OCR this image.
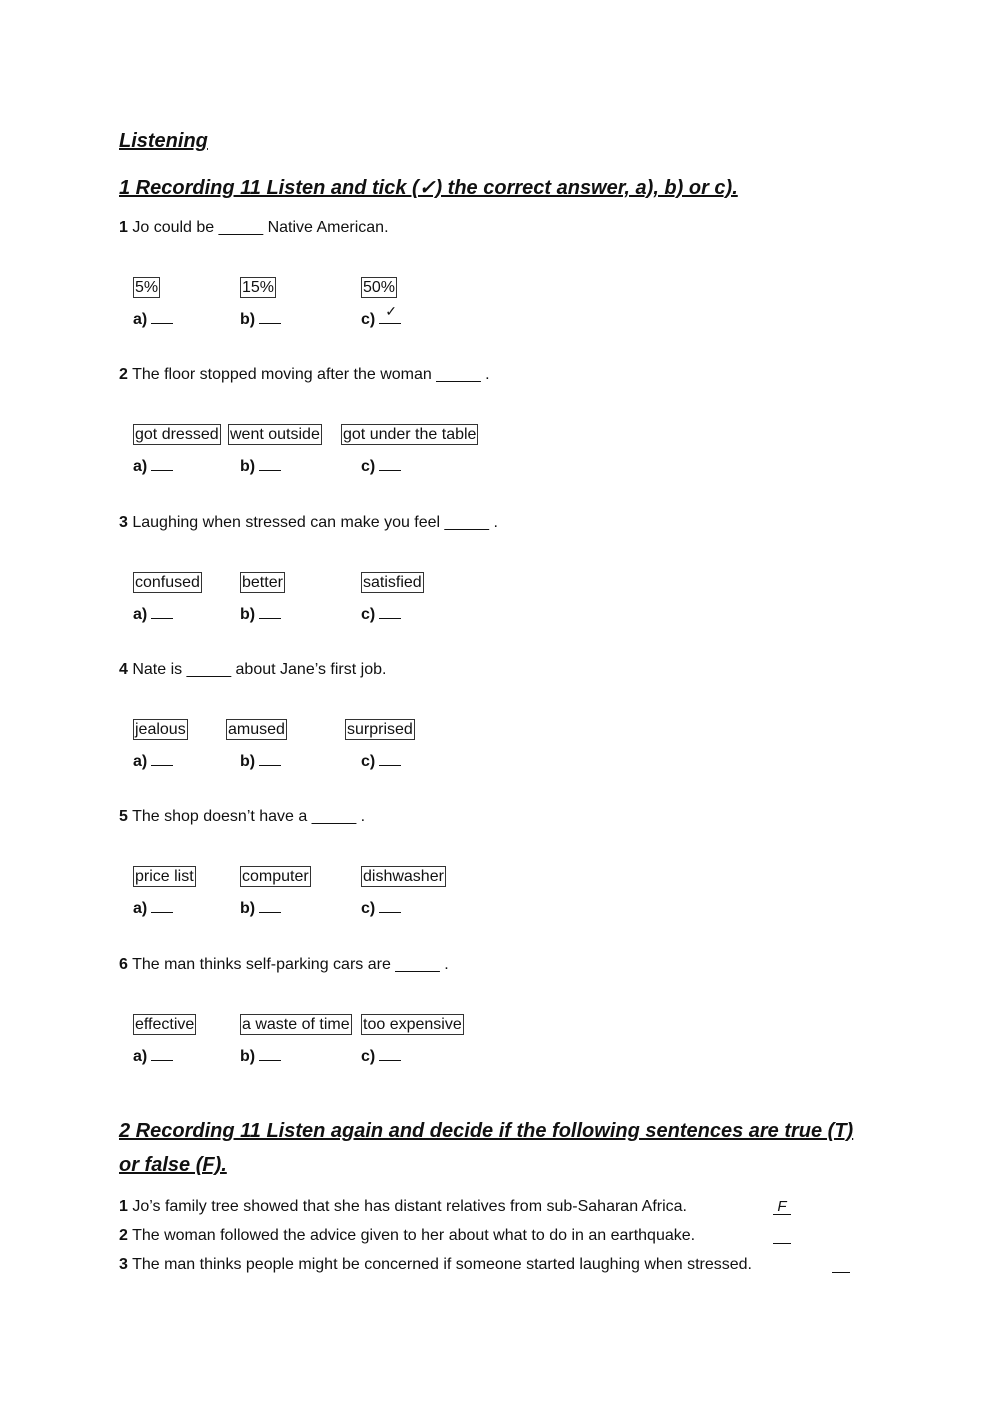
Listening
1 Recording 11 Listen and tick (✓) the correct answer, a), b) or c).
1 Jo could be _____ Native American.
5%
a)
15%
b)
50%
c) ✓
2 The floor stopped moving after the woman _____ .
got dressed
a)
went outside
b)
got under the table
c)
3 Laughing when stressed can make you feel _____ .
confused
a)
better
b)
satisfied
c)
4 Nate is _____ about Jane’s first job.
jealous
a)
amused
b)
surprised
c)
5 The shop doesn’t have a _____ .
price list
a)
computer
b)
dishwasher
c)
6 The man thinks self-parking cars are _____ .
effective
a)
a waste of time
b)
too expensive
c)
2 Recording 11 Listen again and decide if the following sentences are true (T)
or false (F).
1 Jo’s family tree showed that she has distant relatives from sub-Saharan Africa.	F
2 The woman followed the advice given to her about what to do in an earthquake.
3 The man thinks people might be concerned if someone started laughing when stressed.
